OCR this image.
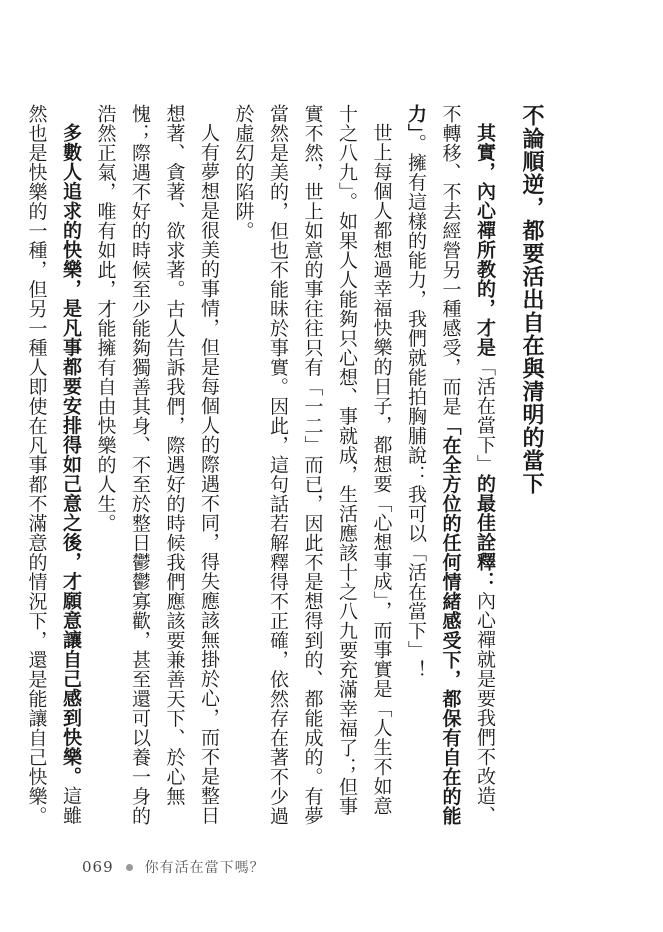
不論順逆，都要活出自在與清明的當下

其實，內心禪所教的，才是「活在當下」的最佳詮釋：內心禪就是要我們不改造、不轉移、不去經營另一種感受，而是「在全方位的任何情緒感受下，都保有自在的能力」。擁有這樣的能力，我們就能拍胸脯說：我可以「活在當下」！

世上每個人都想過幸福快樂的日子，都想要「心想事成」，而事實是「人生不如意十之八九」。如果人人能夠只心想、事就成，生活應該十之八九要充滿幸福了；但事實不然，世上如意的事往往只有「一二」而已，因此不是想得到的、都能成的。有夢當然是美的，但也不能昧於事實。因此，這句話若解釋得不正確，依然存在著不少過於虛幻的陷阱。

人有夢想是很美的事情，但是每個人的際遇不同，得失應該無掛於心，而不是整日想著、貪著、欲求著。古人告訴我們，際遇好的時候我們應該要兼善天下、於心無愧；際遇不好的時候至少能夠獨善其身、不至於整日鬱鬱寡歡，甚至還可以養一身的浩然正氣，唯有如此，才能擁有自由快樂的人生。

多數人追求的快樂，是凡事都要安排得如己意之後，才願意讓自己感到快樂。這雖然也是快樂的一種，但另一種人即使在凡事都不滿意的情況下，還是能讓自己快樂。

069 你有活在當下嗎？
